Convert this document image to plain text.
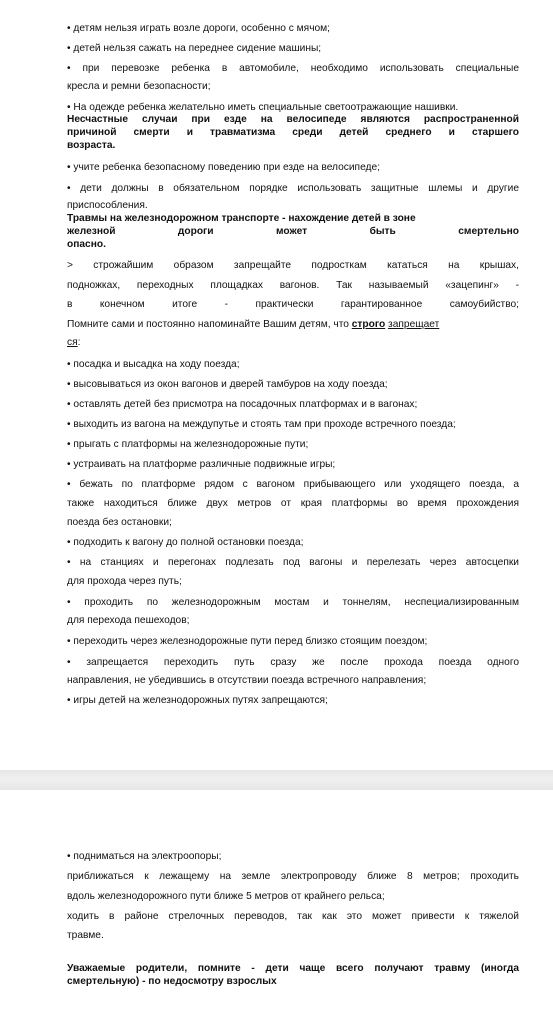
• детям нельзя играть возле дороги, особенно с мячом;
• детей нельзя сажать на переднее сидение машины;
• при перевозке ребенка в автомобиле, необходимо использовать специальные
кресла и ремни безопасности;
• На одежде ребенка желательно иметь специальные светоотражающие нашивки.
Несчастные случаи при езде на велосипеде являются распространенной
причиной смерти и травматизма среди детей среднего и старшего
возраста.
• учите ребенка безопасному поведению при езде на велосипеде;
• дети должны в обязательном порядке использовать защитные шлемы и другие
приспособления.
Травмы на железнодорожном транспорте - нахождение детей в зоне
железной дороги может быть смертельно
опасно.
> строжайшим образом запрещайте подросткам кататься на крышах,
подножках, переходных площадках вагонов. Так называемый «зацепинг» -
в конечном итоге - практически гарантированное самоубийство;
Помните сами и постоянно напоминайте Вашим детям, что строго запрещает
ся:
• посадка и высадка на ходу поезда;
• высовываться из окон вагонов и дверей тамбуров на ходу поезда;
• оставлять детей без присмотра на посадочных платформах и в вагонах;
• выходить из вагона на междупутье и стоять там при проходе встречного поезда;
• прыгать с платформы на железнодорожные пути;
• устраивать на платформе различные подвижные игры;
• бежать по платформе рядом с вагоном прибывающего или уходящего поезда, а
также находиться ближе двух метров от края платформы во время прохождения
поезда без остановки;
• подходить к вагону до полной остановки поезда;
• на станциях и перегонах подлезать под вагоны и перелезать через автосцепки
для прохода через путь;
• проходить по железнодорожным мостам и тоннелям, неспециализированным
для перехода пешеходов;
• переходить через железнодорожные пути перед близко стоящим поездом;
• запрещается переходить путь сразу же после прохода поезда одного
направления, не убедившись в отсутствии поезда встречного направления;
• игры детей на железнодорожных путях запрещаются;
• подниматься на электроопоры;
приближаться к лежащему на земле электропроводу ближе 8 метров; проходить
вдоль железнодорожного пути ближе 5 метров от крайнего рельса;
ходить в районе стрелочных переводов, так как это может привести к тяжелой
травме.
Уважаемые родители, помните - дети чаще всего получают травму (иногда
смертельную) - по недосмотру взрослых
